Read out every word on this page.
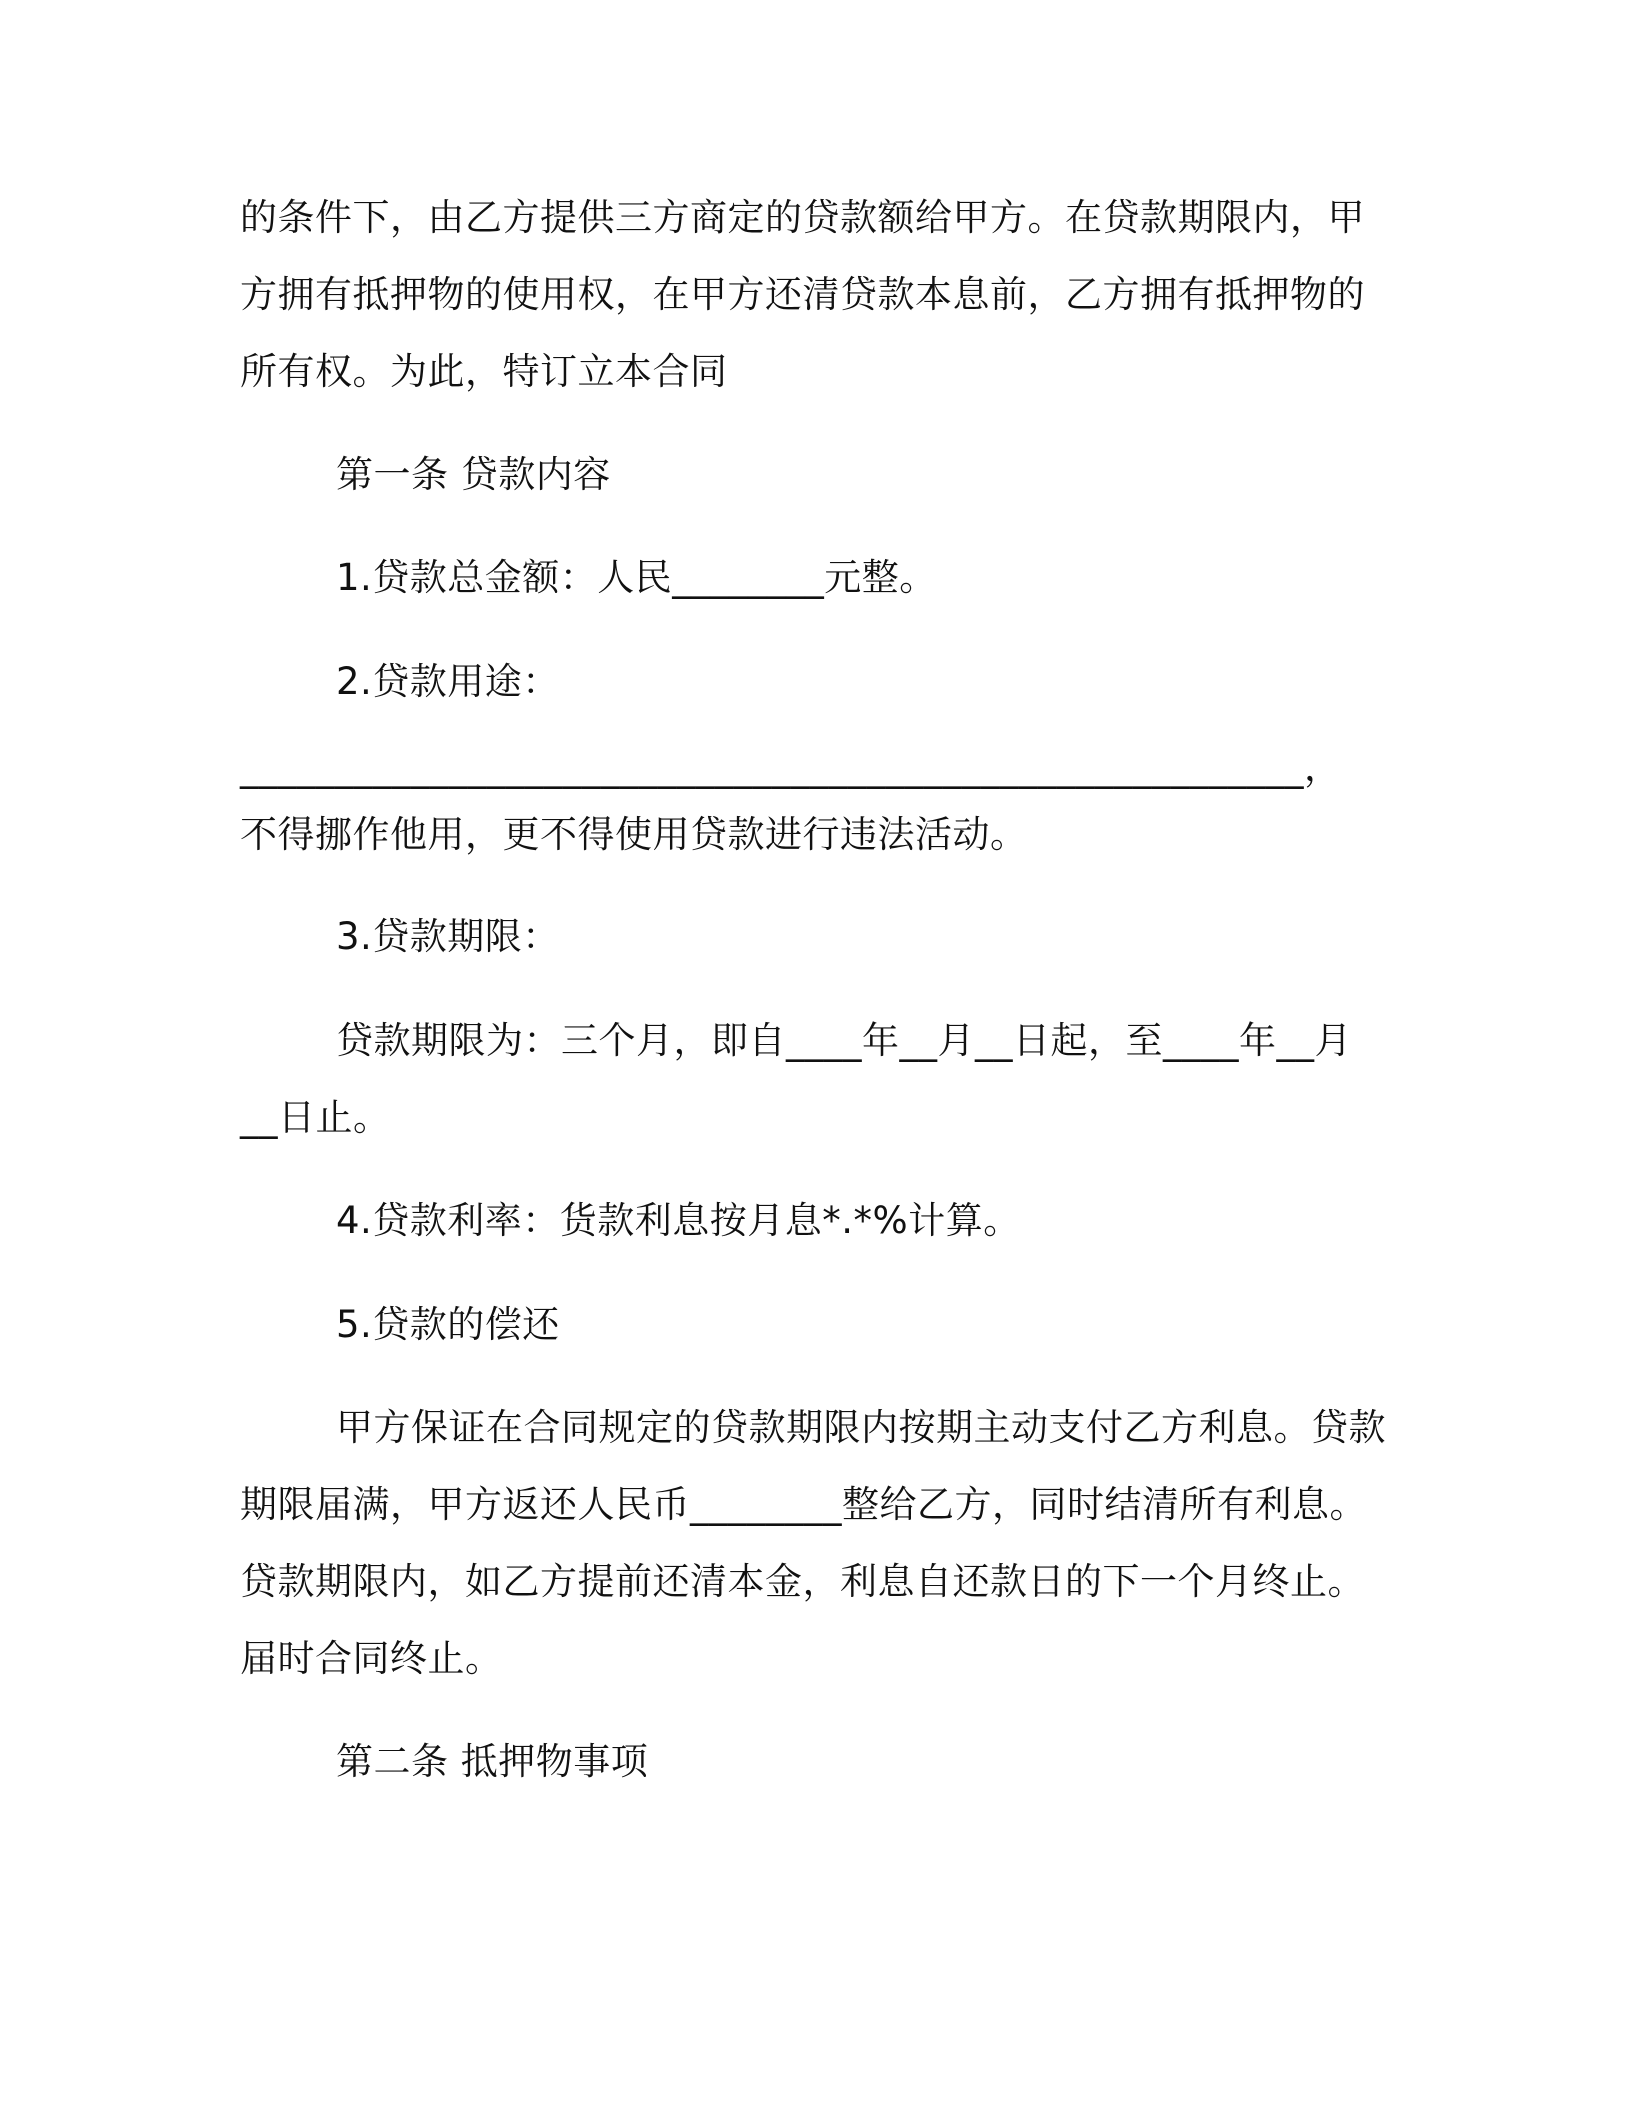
的条件下，由乙方提供三方商定的贷款额给甲方。在贷款期限内，甲

方拥有抵押物的使用权，在甲方还清贷款本息前，乙方拥有抵押物的

所有权。为此，特订立本合同

第一条 贷款内容

1.贷款总金额：人民________元整。

2.贷款用途：

________________________________________________________，

不得挪作他用，更不得使用贷款进行违法活动。

3.贷款期限：

贷款期限为：三个月，即自____年__月__日起，至____年__月

__日止。

4.贷款利率：货款利息按月息*.*%计算。

5.贷款的偿还

甲方保证在合同规定的贷款期限内按期主动支付乙方利息。贷款

期限届满，甲方返还人民币________整给乙方，同时结清所有利息。

贷款期限内，如乙方提前还清本金，利息自还款日的下一个月终止。

届时合同终止。

第二条 抵押物事项
